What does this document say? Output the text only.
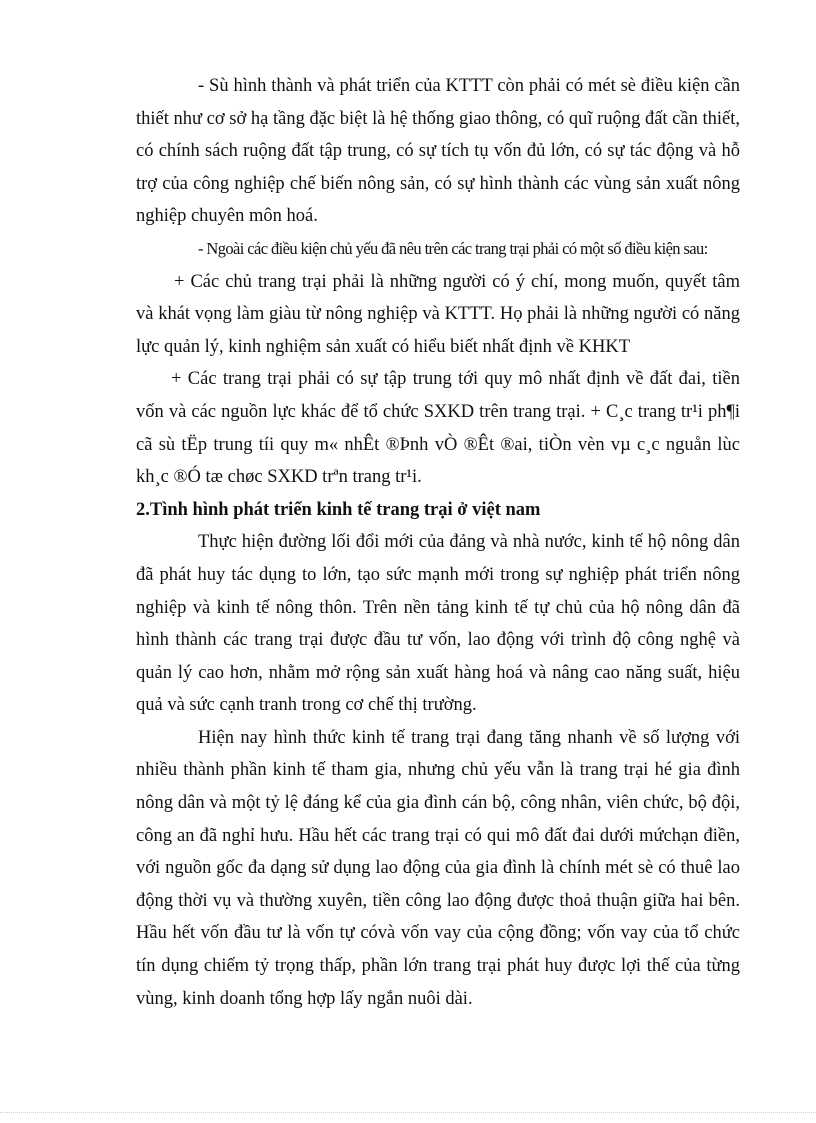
- Sù hình thành và phát triển của KTTT còn phải có mét sè điều kiện cần thiết như cơ sở hạ tầng đặc biệt là hệ thống giao thông, có quĩ ruộng đất cần thiết, có chính sách ruộng đất tập trung, có sự tích tụ vốn đủ lớn, có sự tác động và hỗ trợ của công nghiệp chế biến nông sản, có sự hình thành các vùng sản xuất nông nghiệp chuyên môn hoá.

- Ngoài các điều kiện chủ yếu đã nêu trên các trang trại phải có một số điều kiện sau:

+ Các chủ trang trại phải là những người có ý chí, mong muốn, quyết tâm và khát vọng làm giàu từ nông nghiệp và KTTT. Họ phải là những người có năng lực quản lý, kinh nghiệm sản xuất có hiểu biết nhất định về KHKT

+ Các trang trại phải có sự tập trung tới quy mô nhất định về đất đai, tiền vốn và các nguồn lực khác để tổ chức SXKD trên trang trại. + C¸c trang tr¹i ph¶i cã sù tËp trung tíi quy m« nhÊt ®Þnh vÒ ®Êt ®ai, tiÒn vèn vµ c¸c nguån lùc kh¸c ®Ó tæ chøc SXKD trªn trang tr¹i.

2.Tình hình phát triển kinh tế trang trại ở việt nam

Thực hiện đường lối đổi mới của đảng và nhà nước, kinh tế hộ nông dân đã phát huy tác dụng to lớn, tạo sức mạnh mới trong sự nghiệp phát triển nông nghiệp và kinh tế nông thôn. Trên nền tảng kinh tế tự chủ của hộ nông dân đã hình thành các trang trại được đầu tư vốn, lao động với trình độ công nghệ và quản lý cao hơn, nhằm mở rộng sản xuất hàng hoá và nâng cao năng suất, hiệu quả và sức cạnh tranh trong cơ chế thị trường.

Hiện nay hình thức kinh tế trang trại đang tăng nhanh về số lượng với nhiều thành phần kinh tế tham gia, nhưng chủ yếu vẫn là trang trại hé gia đình nông dân và một tỷ lệ đáng kể của gia đình cán bộ, công nhân, viên chức, bộ đội, công an đã nghỉ hưu. Hầu hết các trang trại có qui mô đất đai dưới mứchạn điền, với nguồn gốc đa dạng sử dụng lao động của gia đình là chính mét sè có thuê lao động thời vụ và thường xuyên, tiền công lao động được thoả thuận giữa hai bên. Hầu hết vốn đầu tư là vốn tự cóvà vốn vay của cộng đồng; vốn vay của tổ chức tín dụng chiếm tỷ trọng thấp, phần lớn trang trại phát huy được lợi thế của từng vùng, kinh doanh tổng hợp lấy ngắn nuôi dài.
